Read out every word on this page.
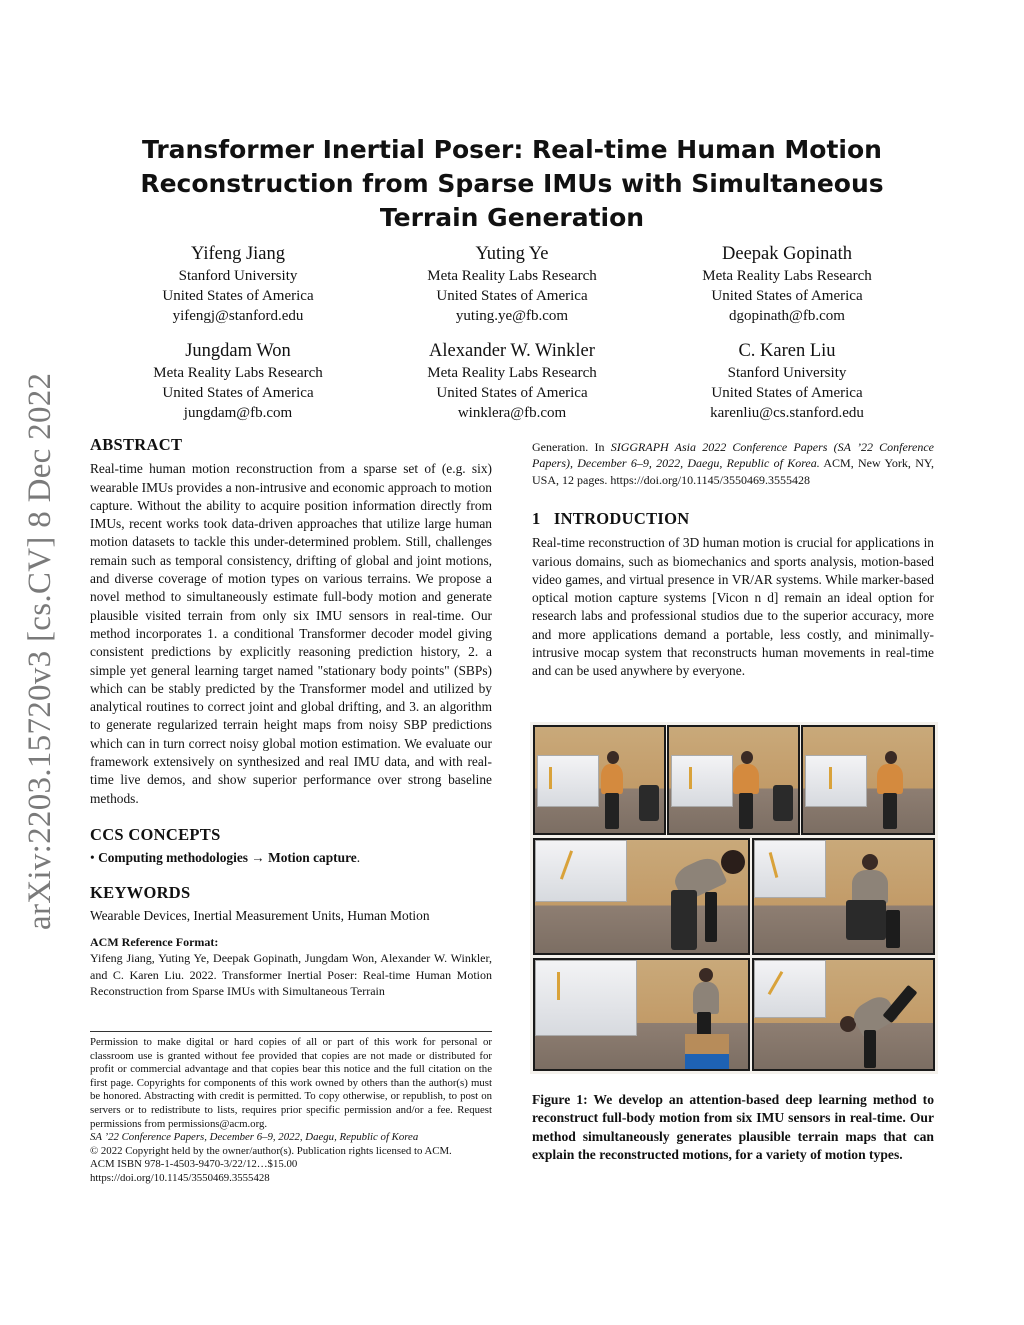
arXiv:2203.15720v3 [cs.CV] 8 Dec 2022
Transformer Inertial Poser: Real-time Human Motion Reconstruction from Sparse IMUs with Simultaneous Terrain Generation
Yifeng Jiang
Stanford University
United States of America
yifengj@stanford.edu
Yuting Ye
Meta Reality Labs Research
United States of America
yuting.ye@fb.com
Deepak Gopinath
Meta Reality Labs Research
United States of America
dgopinath@fb.com
Jungdam Won
Meta Reality Labs Research
United States of America
jungdam@fb.com
Alexander W. Winkler
Meta Reality Labs Research
United States of America
winklera@fb.com
C. Karen Liu
Stanford University
United States of America
karenliu@cs.stanford.edu
ABSTRACT

Real-time human motion reconstruction from a sparse set of (e.g. six) wearable IMUs provides a non-intrusive and economic approach to motion capture. Without the ability to acquire position information directly from IMUs, recent works took data-driven approaches that utilize large human motion datasets to tackle this under-determined problem. Still, challenges remain such as temporal consistency, drifting of global and joint motions, and diverse coverage of motion types on various terrains. We propose a novel method to simultaneously estimate full-body motion and generate plausible visited terrain from only six IMU sensors in real-time. Our method incorporates 1. a conditional Transformer decoder model giving consistent predictions by explicitly reasoning prediction history, 2. a simple yet general learning target named "stationary body points" (SBPs) which can be stably predicted by the Transformer model and utilized by analytical routines to correct joint and global drifting, and 3. an algorithm to generate regularized terrain height maps from noisy SBP predictions which can in turn correct noisy global motion estimation. We evaluate our framework extensively on synthesized and real IMU data, and with real-time live demos, and show superior performance over strong baseline methods.

CCS CONCEPTS

• Computing methodologies → Motion capture.

KEYWORDS

Wearable Devices, Inertial Measurement Units, Human Motion

ACM Reference Format:
Yifeng Jiang, Yuting Ye, Deepak Gopinath, Jungdam Won, Alexander W. Winkler, and C. Karen Liu. 2022. Transformer Inertial Poser: Real-time Human Motion Reconstruction from Sparse IMUs with Simultaneous Terrain
Permission to make digital or hard copies of all or part of this work for personal or classroom use is granted without fee provided that copies are not made or distributed for profit or commercial advantage and that copies bear this notice and the full citation on the first page. Copyrights for components of this work owned by others than the author(s) must be honored. Abstracting with credit is permitted. To copy otherwise, or republish, to post on servers or to redistribute to lists, requires prior specific permission and/or a fee. Request permissions from permissions@acm.org.
SA ’22 Conference Papers, December 6–9, 2022, Daegu, Republic of Korea
© 2022 Copyright held by the owner/author(s). Publication rights licensed to ACM.
ACM ISBN 978-1-4503-9470-3/22/12…$15.00
https://doi.org/10.1145/3550469.3555428
Generation. In SIGGRAPH Asia 2022 Conference Papers (SA ’22 Conference Papers), December 6–9, 2022, Daegu, Republic of Korea. ACM, New York, NY, USA, 12 pages. https://doi.org/10.1145/3550469.3555428
1 INTRODUCTION

Real-time reconstruction of 3D human motion is crucial for applications in various domains, such as biomechanics and sports analysis, motion-based video games, and virtual presence in VR/AR systems. While marker-based optical motion capture systems [Vicon n d] remain an ideal option for research labs and professional studios due to the superior accuracy, more and more applications demand a portable, less costly, and minimally-intrusive mocap system that reconstructs human movements in real-time and can be used anywhere by everyone.

Figure 1: We develop an attention-based deep learning method to reconstruct full-body motion from six IMU sensors in real-time. Our method simultaneously generates plausible terrain maps that can explain the reconstructed motions, for a variety of motion types.
